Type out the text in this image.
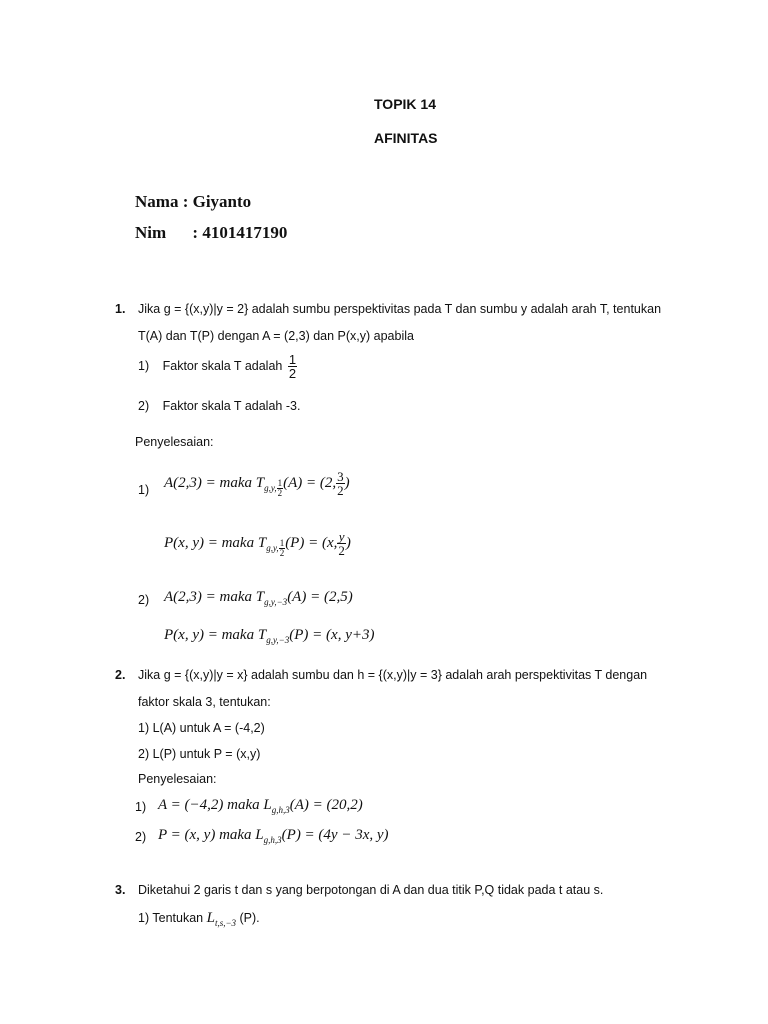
TOPIK 14
AFINITAS
Nama : Giyanto
Nim : 4101417190
1. Jika g = {(x,y)|y = 2} adalah sumbu perspektivitas pada T dan sumbu y adalah arah T, tentukan
T(A) dan T(P) dengan A = (2,3) dan P(x,y) apabila
1) Faktor skala T adalah $\frac{1}{2}$
2) Faktor skala T adalah -3.
Penyelesaian:
1) A(2,3) = maka $T_{g,y, \frac{1}{2}}$ (A) = (2, $\frac{3}{2}$ )
P(x, y) = maka $T_{g,y, \frac{1}{2}}$ (P) = (x, $\frac{y}{2}$ )
2) A(2,3) = maka $T_{g,y,-3}(A) = (2,5)$
P(x, y) = maka $T_{g,y,-3}(P) = (x$, y+3)
2. Jika g = {(x,y)|y = x} adalah sumbu dan h = {(x,y)|y = 3} adalah arah perspektivitas T dengan
faktor skala 3, tentukan:
1) L(A) untuk A = (-4,2)
2) L(P) untuk P = (x,y)
Penyelesaian:
1) A = (−4,2) maka $L_{g,h,3}(A) = (20,2)$
2) P = (x, y) maka $L_{g,h,3}(P) = (4y - 3x$, y)
3. Diketahui 2 garis t dan s yang berpotongan di A dan dua titik P,Q tidak pada t atau s.
1) Tentukan $L_{t,s,-3}$ (P).
